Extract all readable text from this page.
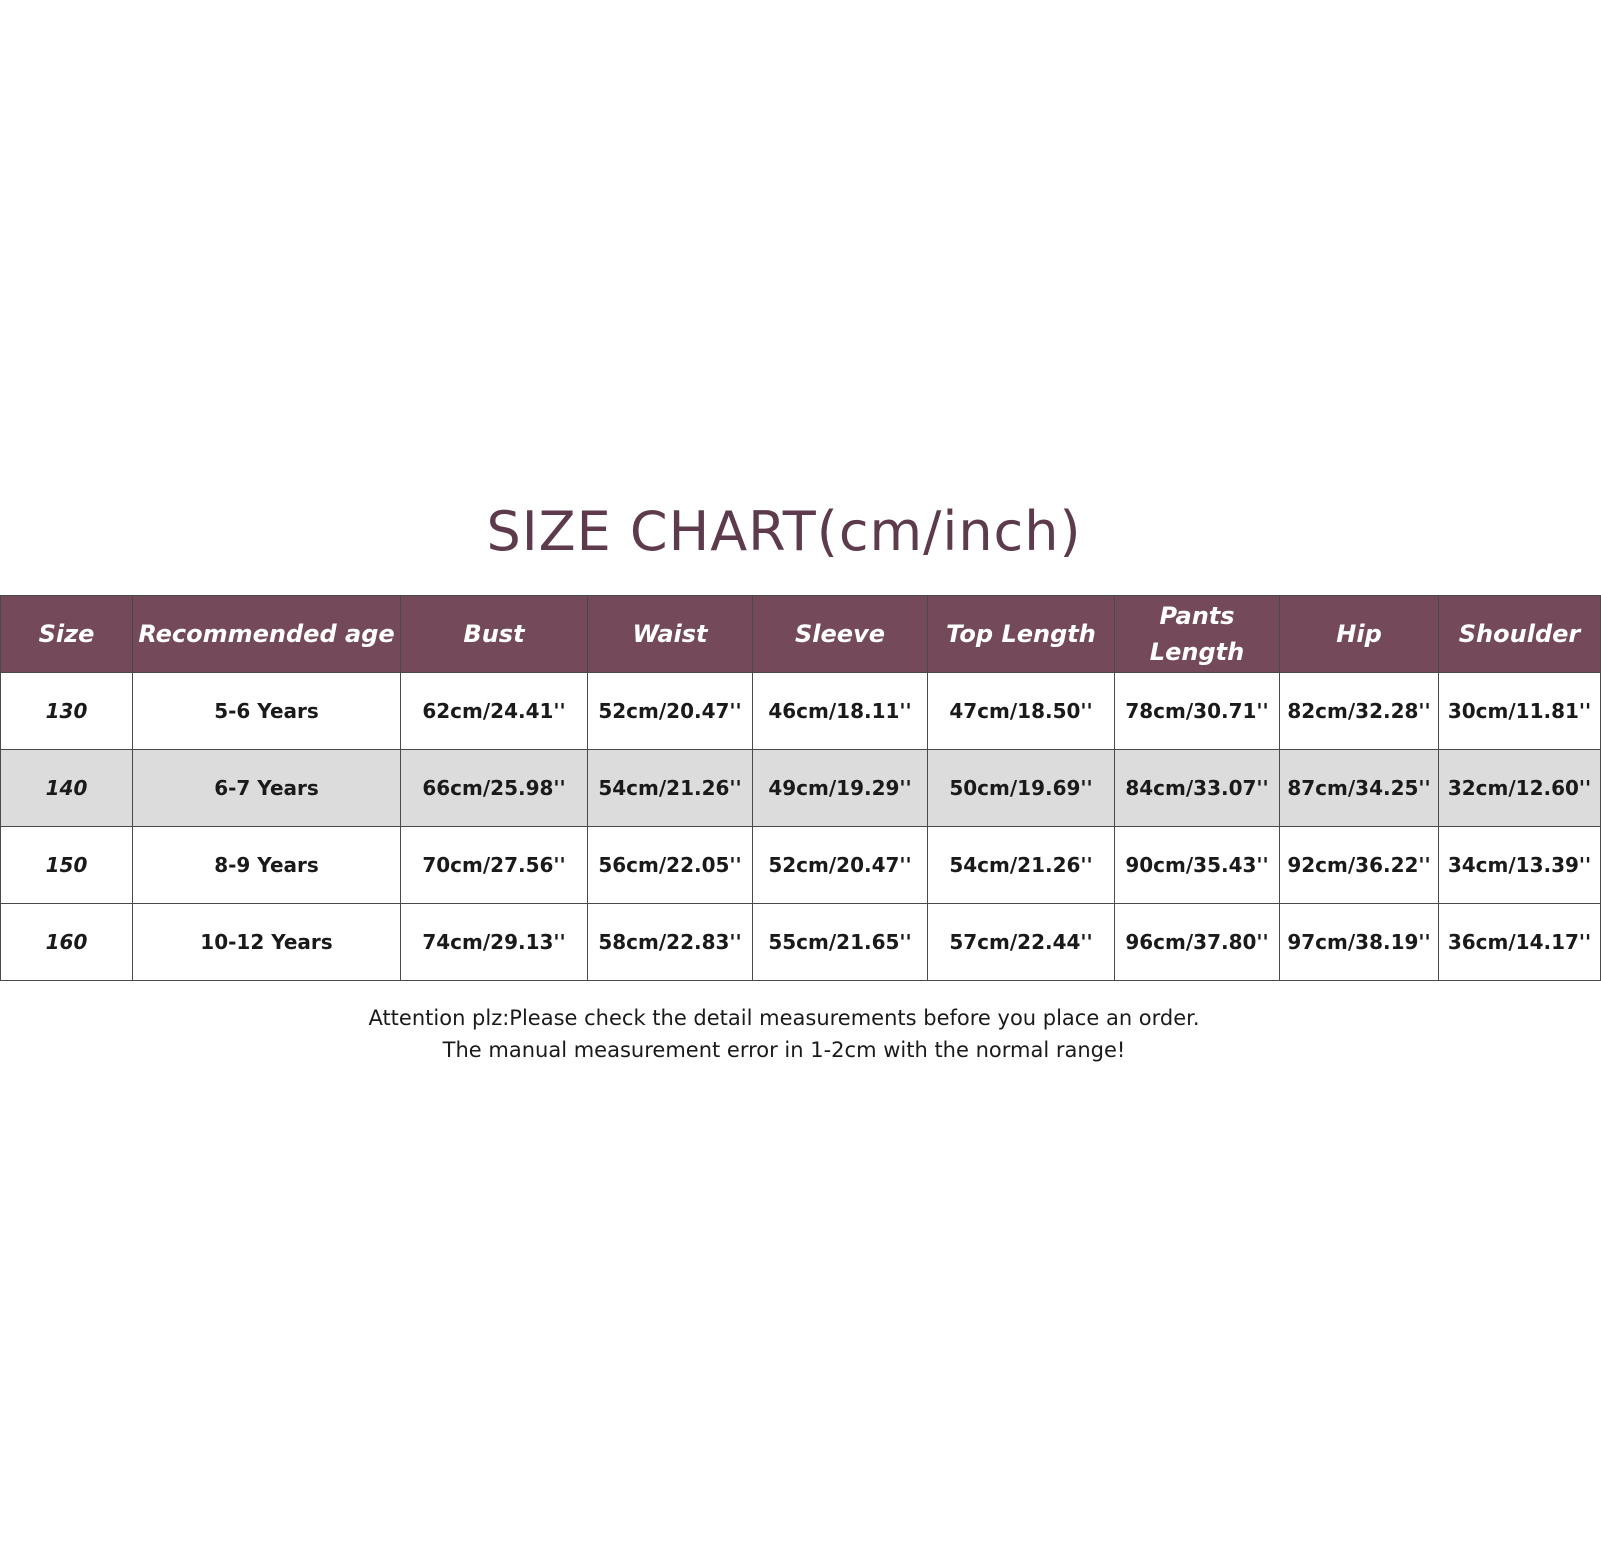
SIZE CHART(cm/inch)
Size	Recommended age	Bust	Waist	Sleeve	Top Length	Pants Length	Hip	Shoulder
130	5-6 Years	62cm/24.41''	52cm/20.47''	46cm/18.11''	47cm/18.50''	78cm/30.71''	82cm/32.28''	30cm/11.81''
140	6-7 Years	66cm/25.98''	54cm/21.26''	49cm/19.29''	50cm/19.69''	84cm/33.07''	87cm/34.25''	32cm/12.60''
150	8-9 Years	70cm/27.56''	56cm/22.05''	52cm/20.47''	54cm/21.26''	90cm/35.43''	92cm/36.22''	34cm/13.39''
160	10-12 Years	74cm/29.13''	58cm/22.83''	55cm/21.65''	57cm/22.44''	96cm/37.80''	97cm/38.19''	36cm/14.17''
Attention plz:Please check the detail measurements before you place an order.
The manual measurement error in 1-2cm with the normal range!
